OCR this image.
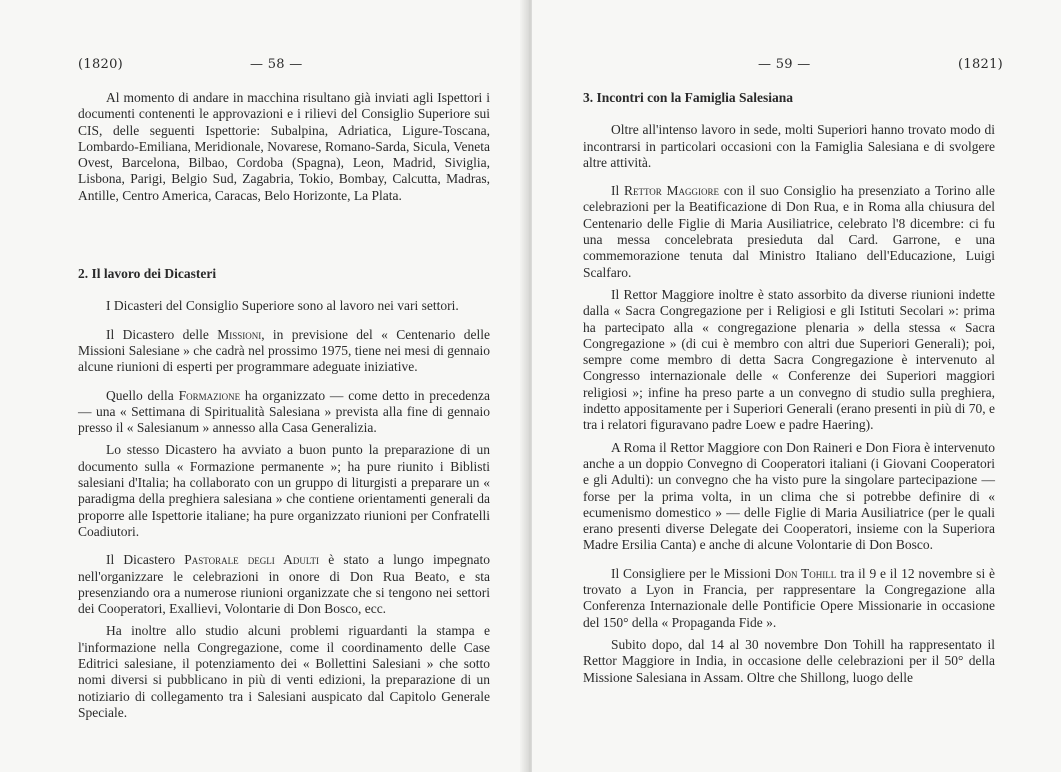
(1820)	— 58 —

Al momento di andare in macchina risultano già inviati agli Ispettori i documenti contenenti le approvazioni e i rilievi del Consiglio Superiore sui CIS, delle seguenti Ispettorie: Subalpina, Adriatica, Ligure-Toscana, Lombardo-Emiliana, Meridionale, Novarese, Romano-Sarda, Sicula, Veneta Ovest, Barcelona, Bilbao, Cordoba (Spagna), Leon, Madrid, Siviglia, Lisbona, Parigi, Belgio Sud, Zagabria, Tokio, Bombay, Calcutta, Madras, Antille, Centro America, Caracas, Belo Horizonte, La Plata.

2. Il lavoro dei Dicasteri

I Dicasteri del Consiglio Superiore sono al lavoro nei vari settori.

Il Dicastero delle Missioni, in previsione del « Centenario delle Missioni Salesiane » che cadrà nel prossimo 1975, tiene nei mesi di gennaio alcune riunioni di esperti per programmare adeguate iniziative.

Quello della Formazione ha organizzato — come detto in precedenza — una « Settimana di Spiritualità Salesiana » prevista alla fine di gennaio presso il « Salesianum » annesso alla Casa Generalizia.

Lo stesso Dicastero ha avviato a buon punto la preparazione di un documento sulla « Formazione permanente »; ha pure riunito i Biblisti salesiani d'Italia; ha collaborato con un gruppo di liturgisti a preparare un « paradigma della preghiera salesiana » che contiene orientamenti generali da proporre alle Ispettorie italiane; ha pure organizzato riunioni per Confratelli Coadiutori.

Il Dicastero Pastorale degli Adulti è stato a lungo impegnato nell'organizzare le celebrazioni in onore di Don Rua Beato, e sta presenziando ora a numerose riunioni organizzate che si tengono nei settori dei Cooperatori, Exallievi, Volontarie di Don Bosco, ecc.

Ha inoltre allo studio alcuni problemi riguardanti la stampa e l'informazione nella Congregazione, come il coordinamento delle Case Editrici salesiane, il potenziamento dei « Bollettini Salesiani » che sotto nomi diversi si pubblicano in più di venti edizioni, la preparazione di un notiziario di collegamento tra i Salesiani auspicato dal Capitolo Generale Speciale.

— 59 —	(1821)

3. Incontri con la Famiglia Salesiana

Oltre all'intenso lavoro in sede, molti Superiori hanno trovato modo di incontrarsi in particolari occasioni con la Famiglia Salesiana e di svolgere altre attività.

Il Rettor Maggiore con il suo Consiglio ha presenziato a Torino alle celebrazioni per la Beatificazione di Don Rua, e in Roma alla chiusura del Centenario delle Figlie di Maria Ausiliatrice, celebrato l'8 dicembre: ci fu una messa concelebrata presieduta dal Card. Garrone, e una commemorazione tenuta dal Ministro Italiano dell'Educazione, Luigi Scalfaro.

Il Rettor Maggiore inoltre è stato assorbito da diverse riunioni indette dalla « Sacra Congregazione per i Religiosi e gli Istituti Secolari »: prima ha partecipato alla « congregazione plenaria » della stessa « Sacra Congregazione » (di cui è membro con altri due Superiori Generali); poi, sempre come membro di detta Sacra Congregazione è intervenuto al Congresso internazionale delle « Conferenze dei Superiori maggiori religiosi »; infine ha preso parte a un convegno di studio sulla preghiera, indetto appositamente per i Superiori Generali (erano presenti in più di 70, e tra i relatori figuravano padre Loew e padre Haering).

A Roma il Rettor Maggiore con Don Raineri e Don Fiora è intervenuto anche a un doppio Convegno di Cooperatori italiani (i Giovani Cooperatori e gli Adulti): un convegno che ha visto pure la singolare partecipazione — forse per la prima volta, in un clima che si potrebbe definire di « ecumenismo domestico » — delle Figlie di Maria Ausiliatrice (per le quali erano presenti diverse Delegate dei Cooperatori, insieme con la Superiora Madre Ersilia Canta) e anche di alcune Volontarie di Don Bosco.

Il Consigliere per le Missioni Don Tohill tra il 9 e il 12 novembre si è trovato a Lyon in Francia, per rappresentare la Congregazione alla Conferenza Internazionale delle Pontificie Opere Missionarie in occasione del 150° della « Propaganda Fide ».

Subito dopo, dal 14 al 30 novembre Don Tohill ha rappresentato il Rettor Maggiore in India, in occasione delle celebrazioni per il 50° della Missione Salesiana in Assam. Oltre che Shillong, luogo delle
